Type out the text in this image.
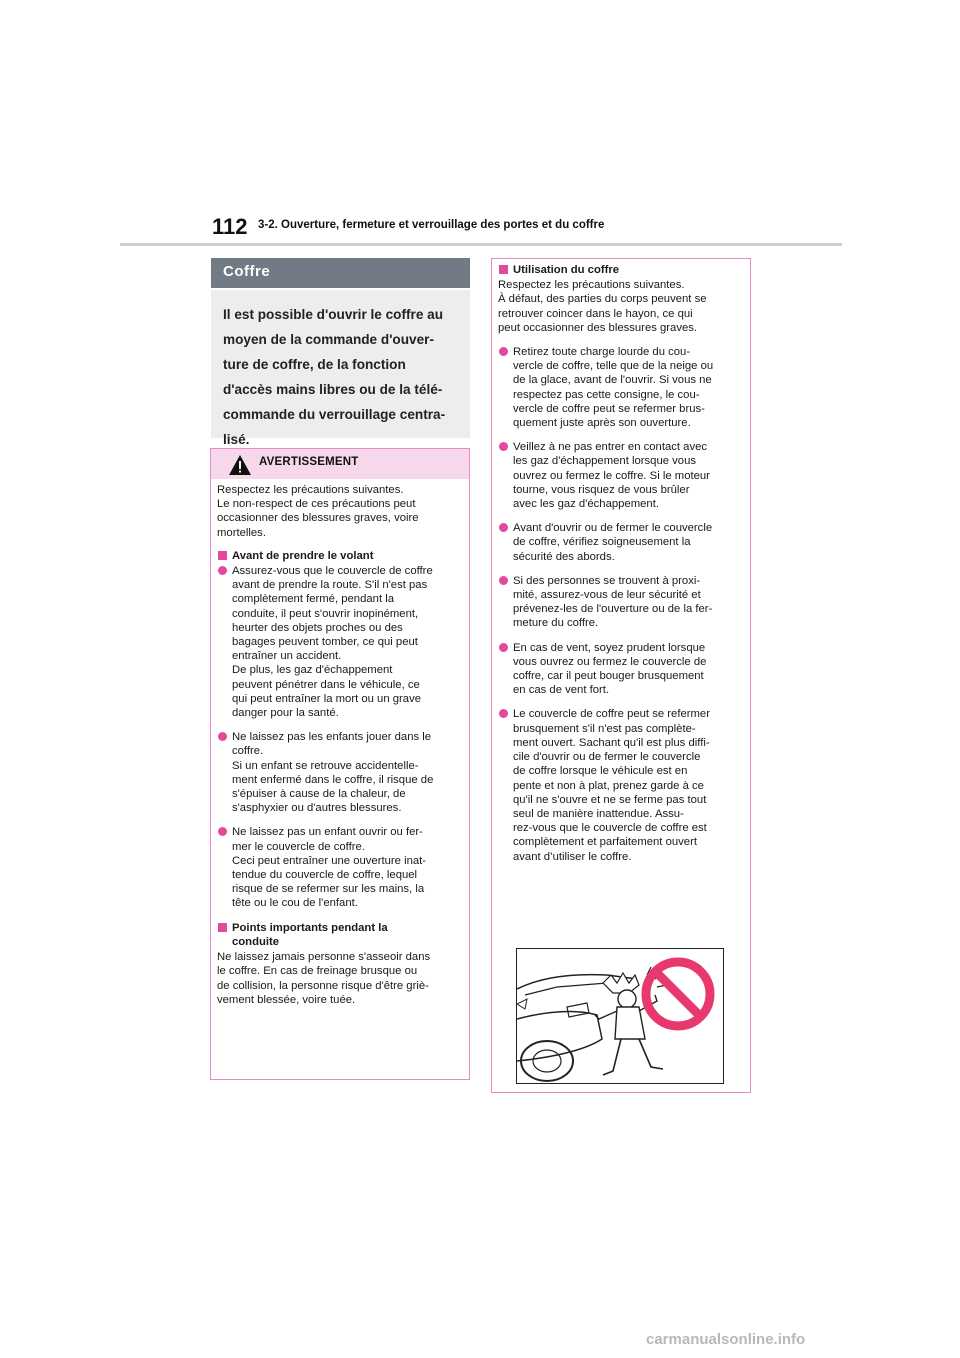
112 3-2. Ouverture, fermeture et verrouillage des portes et du coffre
Coffre
Il est possible d'ouvrir le coffre au
moyen de la commande d'ouver-
ture de coffre, de la fonction
d'accès mains libres ou de la télé-
commande du verrouillage centra-
lisé.
AVERTISSEMENT
Respectez les précautions suivantes.
Le non-respect de ces précautions peut
occasionner des blessures graves, voire
mortelles.
Avant de prendre le volant
Assurez-vous que le couvercle de coffre
avant de prendre la route. S'il n'est pas
complètement fermé, pendant la
conduite, il peut s'ouvrir inopinément,
heurter des objets proches ou des
bagages peuvent tomber, ce qui peut
entraîner un accident.
De plus, les gaz d'échappement
peuvent pénétrer dans le véhicule, ce
qui peut entraîner la mort ou un grave
danger pour la santé.
Ne laissez pas les enfants jouer dans le
coffre.
Si un enfant se retrouve accidentelle-
ment enfermé dans le coffre, il risque de
s'épuiser à cause de la chaleur, de
s'asphyxier ou d'autres blessures.
Ne laissez pas un enfant ouvrir ou fer-
mer le couvercle de coffre.
Ceci peut entraîner une ouverture inat-
tendue du couvercle de coffre, lequel
risque de se refermer sur les mains, la
tête ou le cou de l'enfant.
Points importants pendant la
conduite
Ne laissez jamais personne s'asseoir dans
le coffre. En cas de freinage brusque ou
de collision, la personne risque d'être griè-
vement blessée, voire tuée.
Utilisation du coffre
Respectez les précautions suivantes.
À défaut, des parties du corps peuvent se
retrouver coincer dans le hayon, ce qui
peut occasionner des blessures graves.
Retirez toute charge lourde du cou-
vercle de coffre, telle que de la neige ou
de la glace, avant de l'ouvrir. Si vous ne
respectez pas cette consigne, le cou-
vercle de coffre peut se refermer brus-
quement juste après son ouverture.
Veillez à ne pas entrer en contact avec
les gaz d'échappement lorsque vous
ouvrez ou fermez le coffre. Si le moteur
tourne, vous risquez de vous brûler
avec les gaz d'échappement.
Avant d'ouvrir ou de fermer le couvercle
de coffre, vérifiez soigneusement la
sécurité des abords.
Si des personnes se trouvent à proxi-
mité, assurez-vous de leur sécurité et
prévenez-les de l'ouverture ou de la fer-
meture du coffre.
En cas de vent, soyez prudent lorsque
vous ouvrez ou fermez le couvercle de
coffre, car il peut bouger brusquement
en cas de vent fort.
Le couvercle de coffre peut se refermer
brusquement s'il n'est pas complète-
ment ouvert. Sachant qu'il est plus diffi-
cile d'ouvrir ou de fermer le couvercle
de coffre lorsque le véhicule est en
pente et non à plat, prenez garde à ce
qu'il ne s'ouvre et ne se ferme pas tout
seul de manière inattendue. Assu-
rez-vous que le couvercle de coffre est
complètement et parfaitement ouvert
avant d’utiliser le coffre.
carmanualsonline.info
